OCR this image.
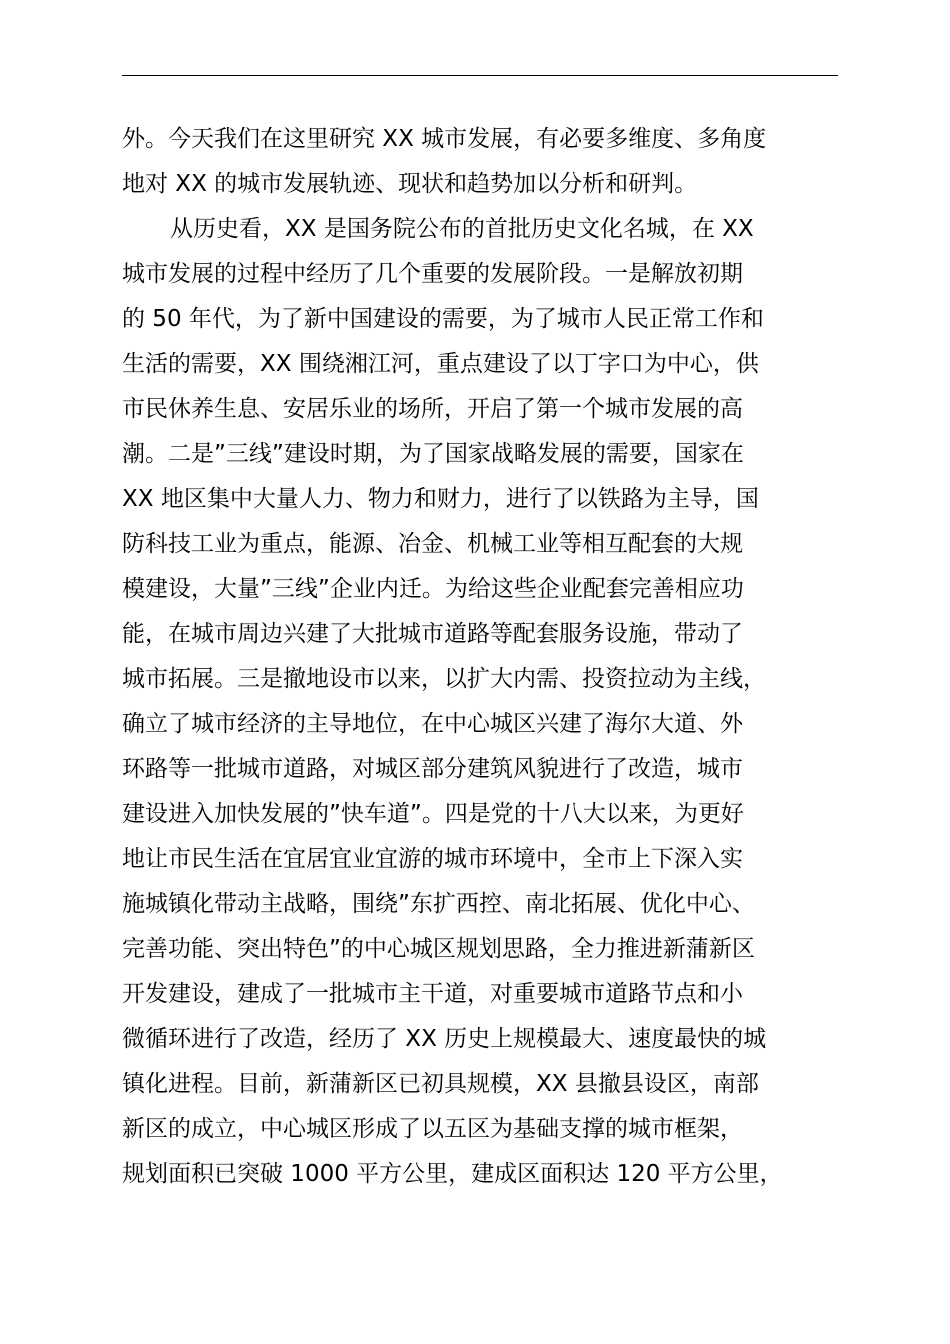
外。今天我们在这里研究 XX 城市发展，有必要多维度、多角度
地对 XX 的城市发展轨迹、现状和趋势加以分析和研判。
从历史看，XX 是国务院公布的首批历史文化名城，在 XX
城市发展的过程中经历了几个重要的发展阶段。一是解放初期
的 50 年代，为了新中国建设的需要，为了城市人民正常工作和
生活的需要，XX 围绕湘江河，重点建设了以丁字口为中心，供
市民休养生息、安居乐业的场所，开启了第一个城市发展的高
潮。二是”三线”建设时期，为了国家战略发展的需要，国家在
XX 地区集中大量人力、物力和财力，进行了以铁路为主导，国
防科技工业为重点，能源、冶金、机械工业等相互配套的大规
模建设，大量”三线”企业内迁。为给这些企业配套完善相应功
能，在城市周边兴建了大批城市道路等配套服务设施，带动了
城市拓展。三是撤地设市以来，以扩大内需、投资拉动为主线，
确立了城市经济的主导地位，在中心城区兴建了海尔大道、外
环路等一批城市道路，对城区部分建筑风貌进行了改造，城市
建设进入加快发展的”快车道”。四是党的十八大以来，为更好
地让市民生活在宜居宜业宜游的城市环境中，全市上下深入实
施城镇化带动主战略，围绕”东扩西控、南北拓展、优化中心、
完善功能、突出特色”的中心城区规划思路，全力推进新蒲新区
开发建设，建成了一批城市主干道，对重要城市道路节点和小
微循环进行了改造，经历了 XX 历史上规模最大、速度最快的城
镇化进程。目前，新蒲新区已初具规模，XX 县撤县设区，南部
新区的成立，中心城区形成了以五区为基础支撑的城市框架，
规划面积已突破 1000 平方公里，建成区面积达 120 平方公里，
